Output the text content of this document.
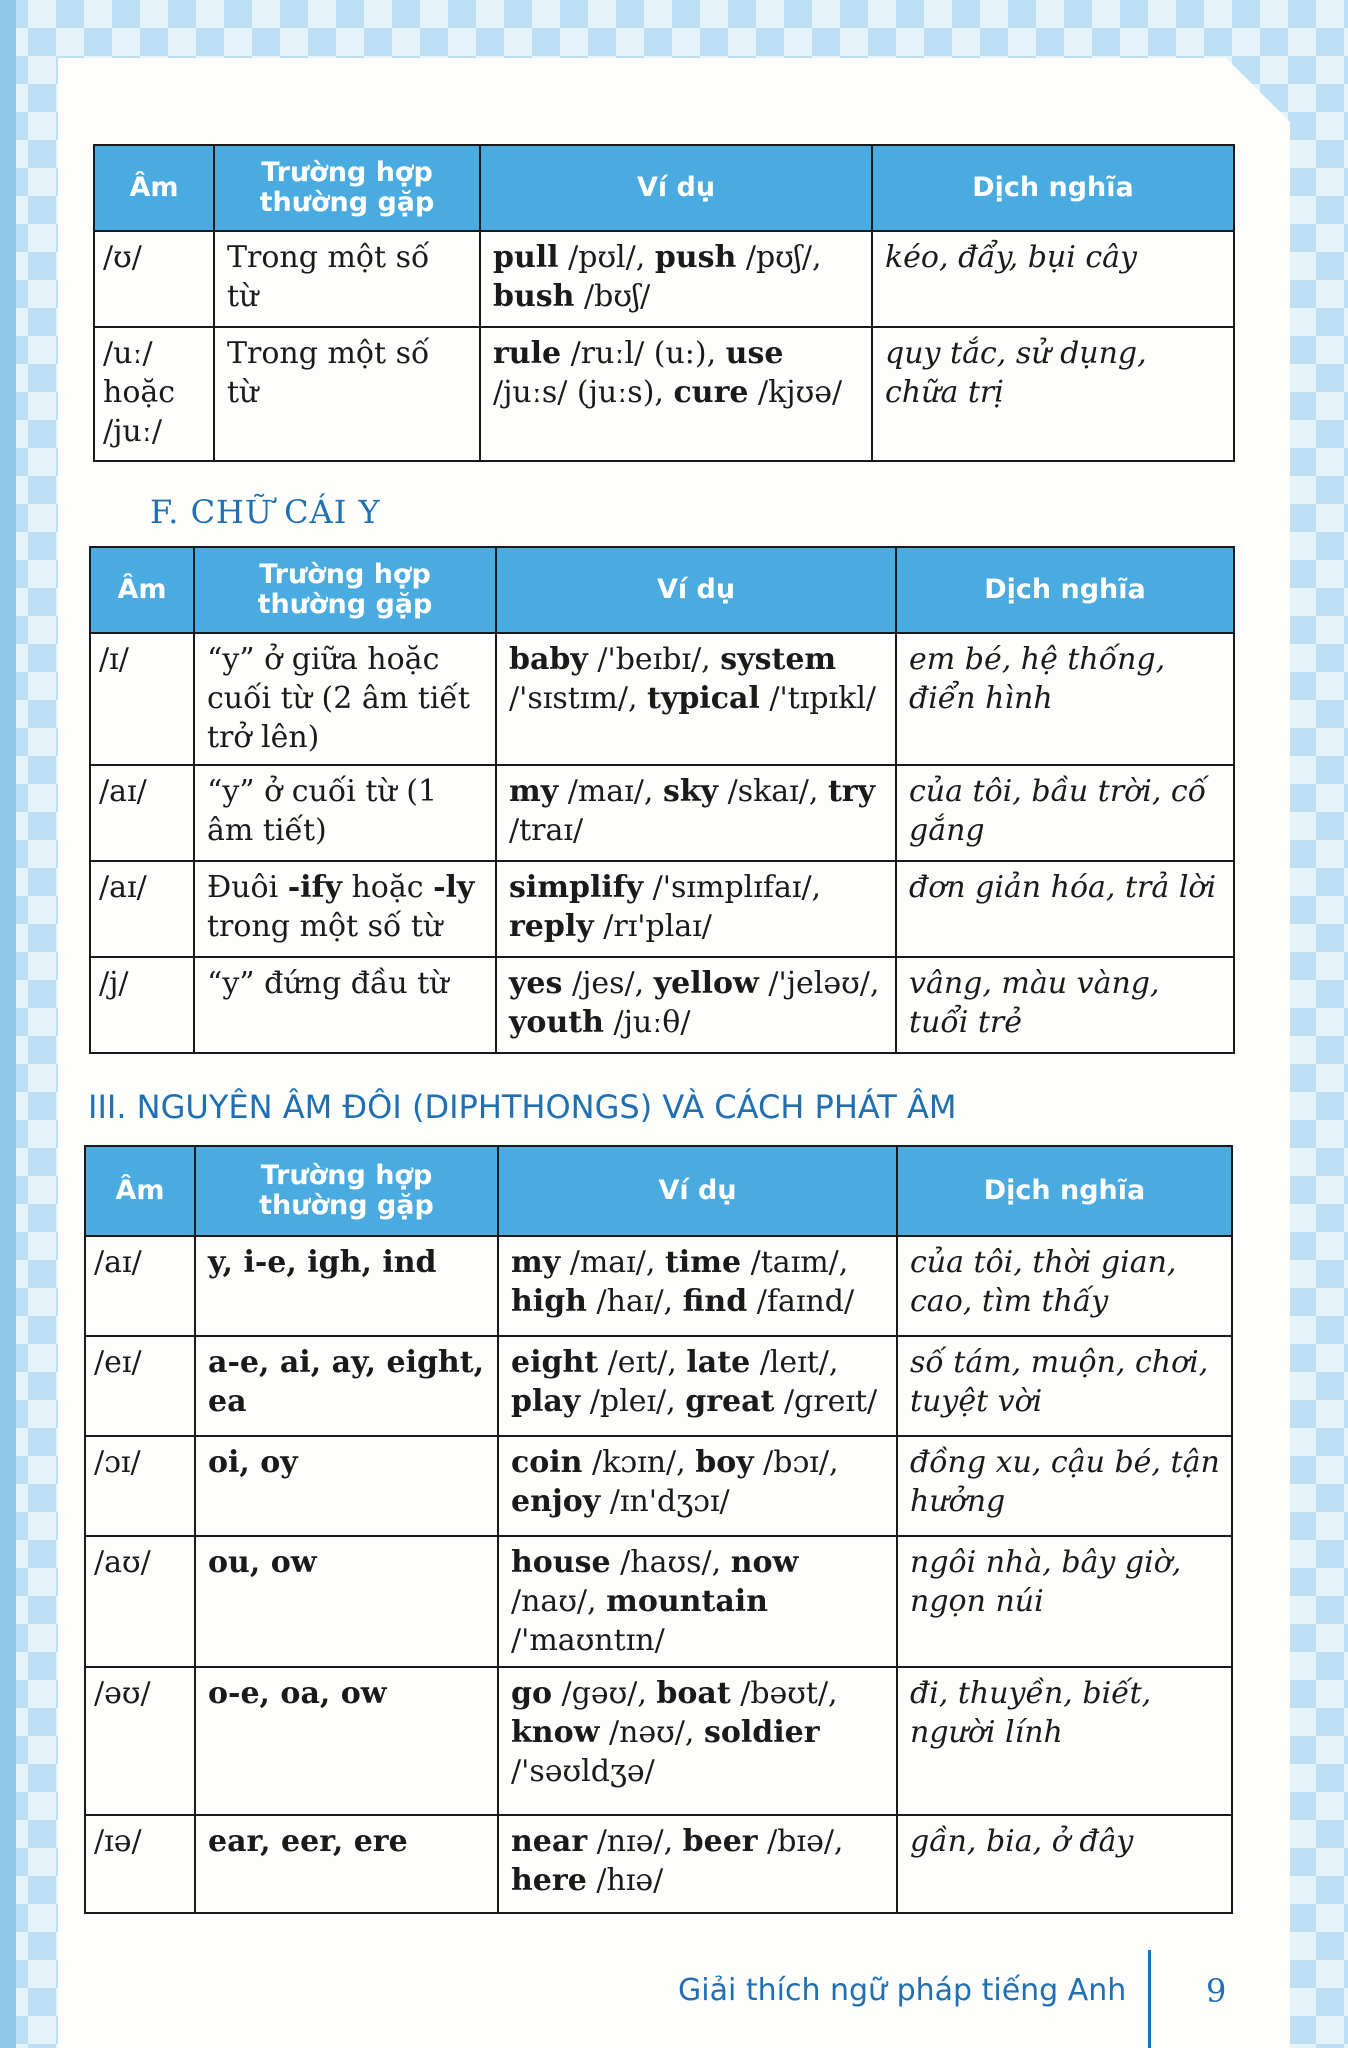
Âm	Trường hợp thường gặp	Ví dụ	Dịch nghĩa
/ʊ/	Trong một số từ	pull /pʊl/, push /pʊʃ/, bush /bʊʃ/	kéo, đẩy, bụi cây
/uː/ hoặc /juː/	Trong một số từ	rule /ruːl/ (u:), use /juːs/ (juːs), cure /kjʊə/	quy tắc, sử dụng, chữa trị
F. CHỮ CÁI Y
Âm	Trường hợp thường gặp	Ví dụ	Dịch nghĩa
/ɪ/	“y” ở giữa hoặc cuối từ (2 âm tiết trở lên)	baby /'beɪbɪ/, system /'sɪstɪm/, typical /'tɪpɪkl/	em bé, hệ thống, điển hình
/aɪ/	“y” ở cuối từ (1 âm tiết)	my /maɪ/, sky /skaɪ/, try /traɪ/	của tôi, bầu trời, cố gắng
/aɪ/	Đuôi -ify hoặc -ly trong một số từ	simplify /'sɪmplɪfaɪ/, reply /rɪ'plaɪ/	đơn giản hóa, trả lời
/j/	“y” đứng đầu từ	yes /jes/, yellow /'jeləʊ/, youth /juːθ/	vâng, màu vàng, tuổi trẻ
III. NGUYÊN ÂM ĐÔI (DIPHTHONGS) VÀ CÁCH PHÁT ÂM
Âm	Trường hợp thường gặp	Ví dụ	Dịch nghĩa
/aɪ/	y, i-e, igh, ind	my /maɪ/, time /taɪm/, high /haɪ/, find /faɪnd/	của tôi, thời gian, cao, tìm thấy
/eɪ/	a-e, ai, ay, eight, ea	eight /eɪt/, late /leɪt/, play /pleɪ/, great /greɪt/	số tám, muộn, chơi, tuyệt vời
/ɔɪ/	oi, oy	coin /kɔɪn/, boy /bɔɪ/, enjoy /ɪn'dʒɔɪ/	đồng xu, cậu bé, tận hưởng
/aʊ/	ou, ow	house /haʊs/, now /naʊ/, mountain /'maʊntɪn/	ngôi nhà, bây giờ, ngọn núi
/əʊ/	o-e, oa, ow	go /gəʊ/, boat /bəʊt/, know /nəʊ/, soldier /'səʊldʒə/	đi, thuyền, biết, người lính
/ɪə/	ear, eer, ere	near /nɪə/, beer /bɪə/, here /hɪə/	gần, bia, ở đây
Giải thích ngữ pháp tiếng Anh 9
